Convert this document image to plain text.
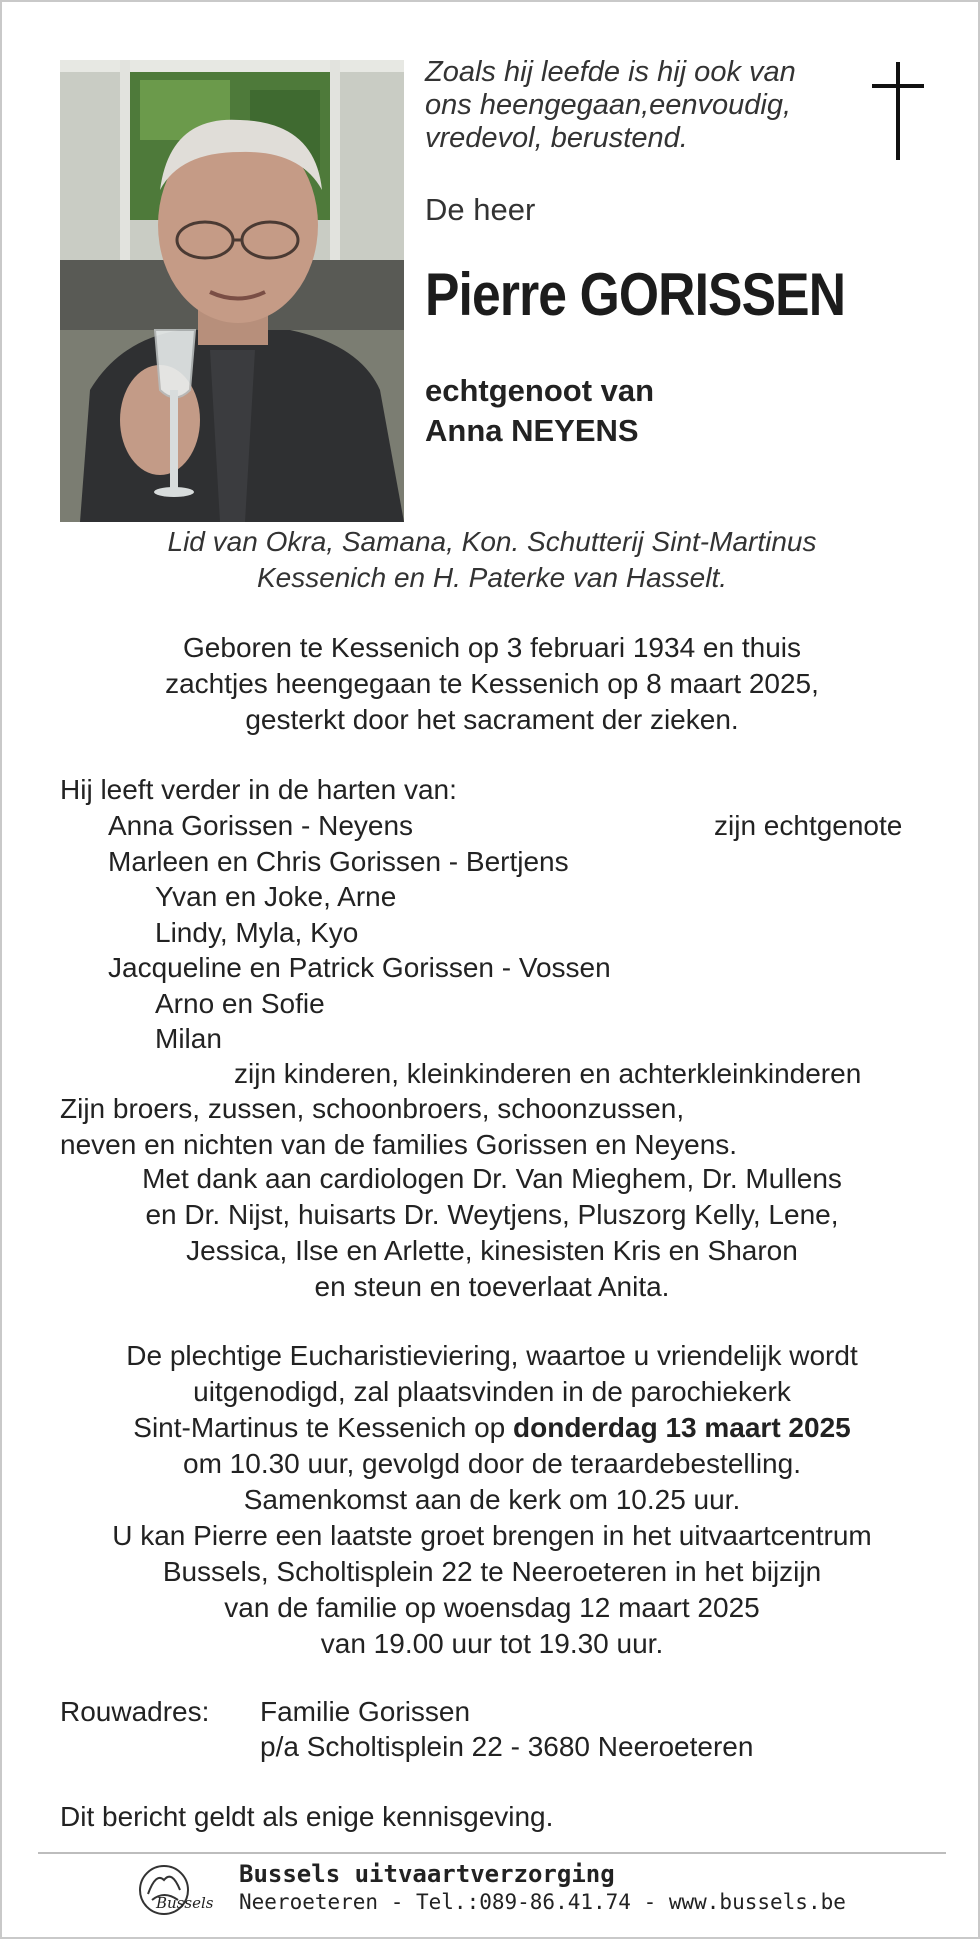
Zoals hij leefde is hij ook van
ons heengegaan,eenvoudig,
vredevol, berustend.
De heer
Pierre GORISSEN
echtgenoot van
Anna NEYENS
Lid van Okra, Samana, Kon. Schutterij Sint-Martinus
Kessenich en H. Paterke van Hasselt.
Geboren te Kessenich op 3 februari 1934 en thuis
zachtjes heengegaan te Kessenich op 8 maart 2025,
gesterkt door het sacrament der zieken.
Hij leeft verder in de harten van:
Anna Gorissen - Neyens	zijn echtgenote
Marleen en Chris Gorissen - Bertjens
Yvan en Joke, Arne
Lindy, Myla, Kyo
Jacqueline en Patrick Gorissen - Vossen
Arno en Sofie
Milan
zijn kinderen, kleinkinderen en achterkleinkinderen
Zijn broers, zussen, schoonbroers, schoonzussen,
neven en nichten van de families Gorissen en Neyens.
Met dank aan cardiologen Dr. Van Mieghem, Dr. Mullens
en Dr. Nijst, huisarts Dr. Weytjens, Pluszorg Kelly, Lene,
Jessica, Ilse en Arlette, kinesisten Kris en Sharon
en steun en toeverlaat Anita.
De plechtige Eucharistieviering, waartoe u vriendelijk wordt
uitgenodigd, zal plaatsvinden in de parochiekerk
Sint-Martinus te Kessenich op donderdag 13 maart 2025
om 10.30 uur, gevolgd door de teraardebestelling.
Samenkomst aan de kerk om 10.25 uur.
U kan Pierre een laatste groet brengen in het uitvaartcentrum
Bussels, Scholtisplein 22 te Neeroeteren in het bijzijn
van de familie op woensdag 12 maart 2025
van 19.00 uur tot 19.30 uur.
Rouwadres: Familie Gorissen
p/a Scholtisplein 22 - 3680 Neeroeteren
Dit bericht geldt als enige kennisgeving.
Bussels
Bussels uitvaartverzorging
Neeroeteren - Tel.:089-86.41.74 - www.bussels.be
